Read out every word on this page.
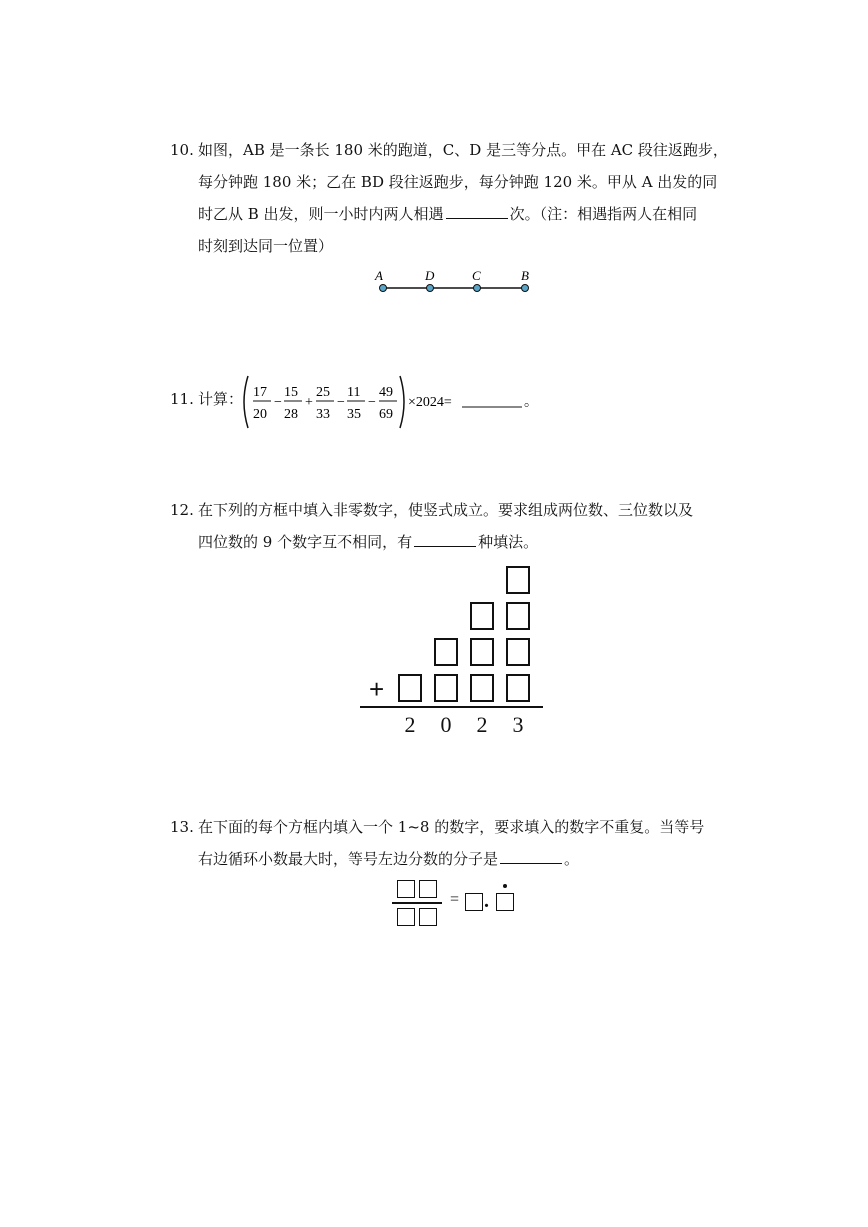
10. 如图，AB 是一条长 180 米的跑道，C、D 是三等分点。甲在 AC 段往返跑步，
每分钟跑 180 米；乙在 BD 段往返跑步，每分钟跑 120 米。甲从 A 出发的同
时乙从 B 出发，则一小时内两人相遇	次。（注：相遇指两人在相同
时刻到达同一位置）
A	D	C	B
11. 计算： 17
20
−
15
28
+
25
33
−
11
35
−
49
69
×2024=	。
12. 在下列的方框中填入非零数字，使竖式成立。要求组成两位数、三位数以及
四位数的 9 个数字互不相同，有	种填法。
+
2 0 2 3
13. 在下面的每个方框内填入一个 1~8 的数字，要求填入的数字不重复。当等号
右边循环小数最大时，等号左边分数的分子是	。
= .
